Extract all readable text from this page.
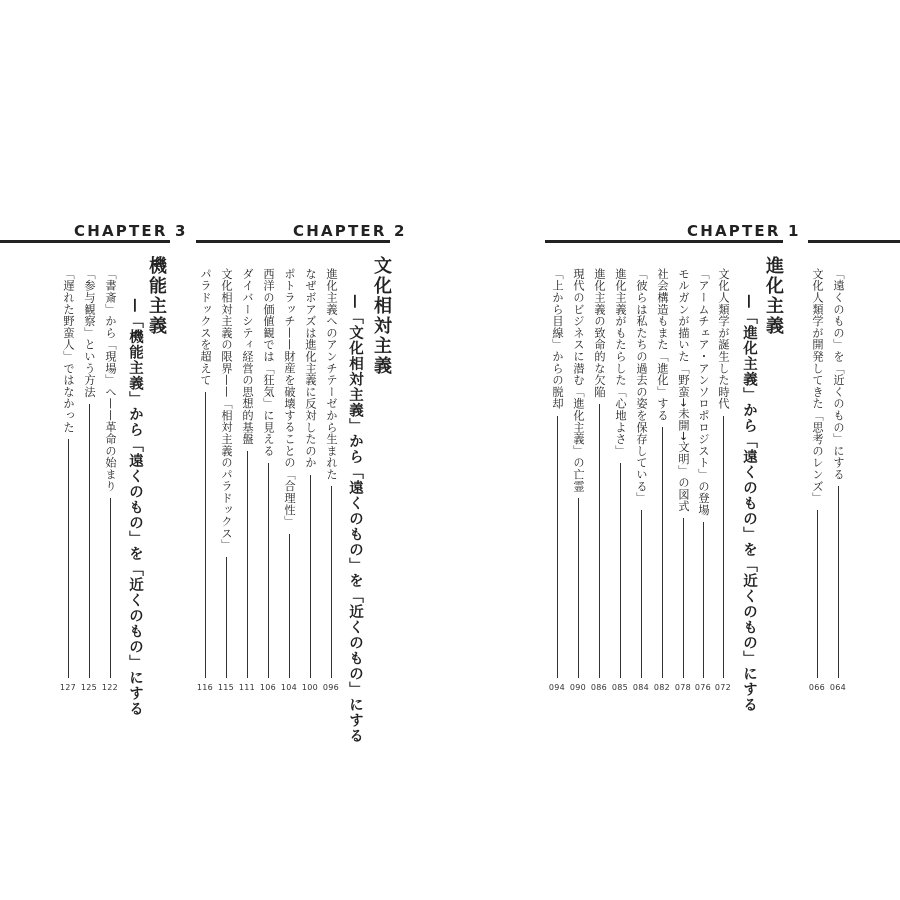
CHAPTER 3
機能主義
—「機能主義」から「遠くのもの」を「近くのもの」にする
「書斎」から「現場」へ——革命の始まり
122
「参与観察」という方法
125
「遅れた野蛮人」ではなかった
127
CHAPTER 2
文化相対主義
—「文化相対主義」から「遠くのもの」を「近くのもの」にする
進化主義へのアンチテーゼから生まれた
096
なぜボアズは進化主義に反対したのか
100
ポトラッチ——財産を破壊することの「合理性」
104
西洋の価値観では「狂気」に見える
106
ダイバーシティ経営の思想的基盤
111
文化相対主義の限界——「相対主義のパラドックス」
115
パラドックスを超えて
116
CHAPTER 1
進化主義
—「進化主義」から「遠くのもの」を「近くのもの」にする
文化人類学が誕生した時代
072
「アームチェア・アンソロポロジスト」の登場
076
モルガンが描いた「野蛮→未開→文明」の図式
078
社会構造もまた「進化」する
082
「彼らは私たちの過去の姿を保存している」
084
進化主義がもたらした「心地よさ」
085
進化主義の致命的な欠陥
086
現代のビジネスに潜む「進化主義」の亡霊
090
「上から目線」からの脱却
094
「遠くのもの」を「近くのもの」にする
064
文化人類学が開発してきた「思考のレンズ」
066
